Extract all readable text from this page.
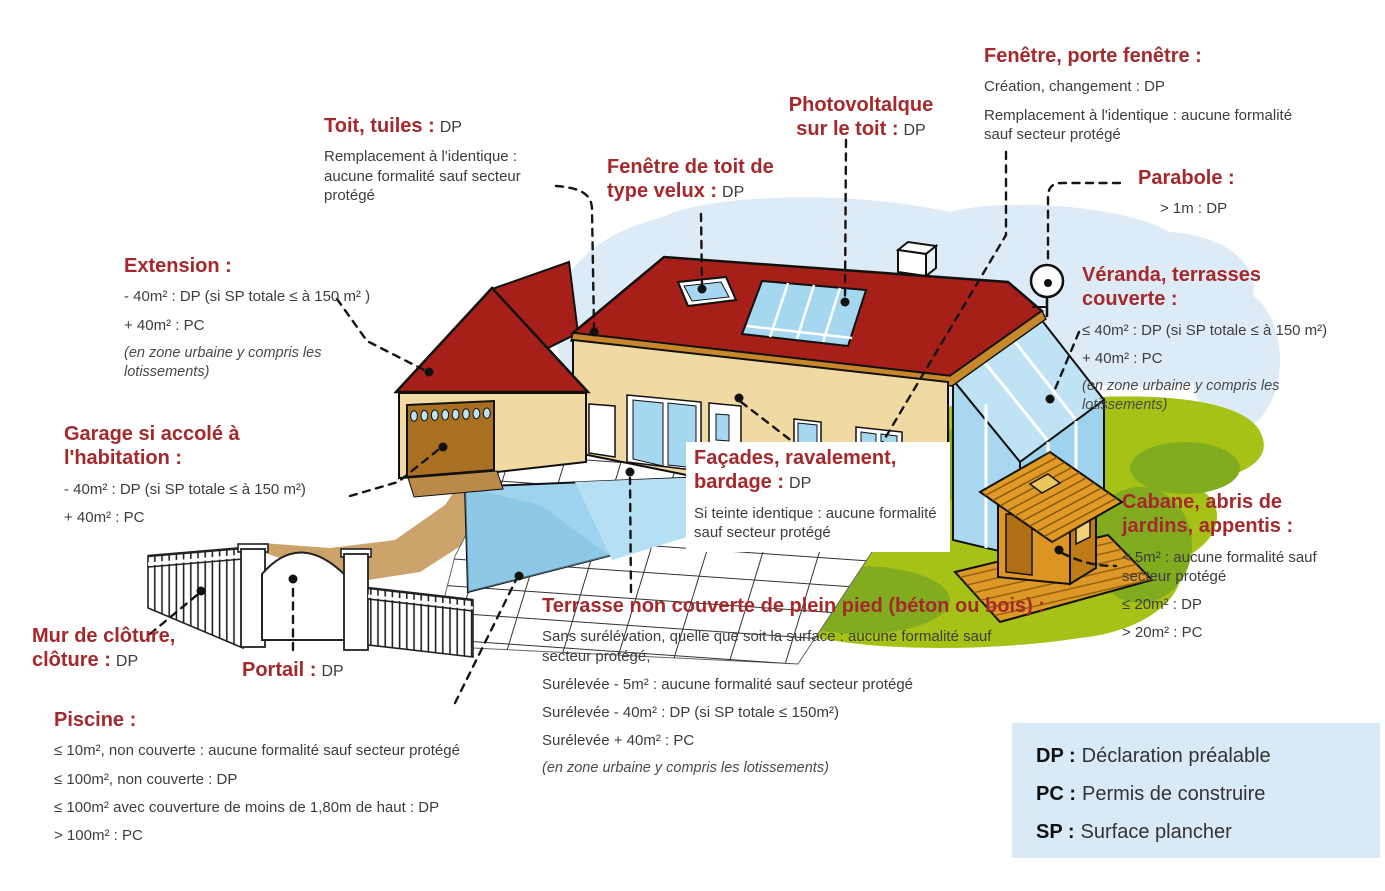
Fenêtre, porte fenêtre :
Création, changement : DP
Remplacement à l'identique : aucune formalité sauf secteur protégé
Photovoltalque
sur le toit : DP
Toit, tuiles : DP
Remplacement à l'identique : aucune formalité sauf secteur protégé
Fenêtre de toit de
type velux : DP
Parabole :
> 1m : DP
Extension :
- 40m² : DP (si SP totale ≤ à 150 m² )
+ 40m² : PC
(en zone urbaine y compris les lotissements)
Véranda, terrasses couverte :
≤ 40m² : DP (si SP totale ≤ à 150 m²)
+ 40m² : PC
(en zone urbaine y compris les lotissements)
Garage si accolé à l'habitation :
- 40m² : DP (si SP totale ≤ à 150 m²)
+ 40m² : PC
Façades, ravalement, bardage : DP
Si teinte identique : aucune formalité sauf secteur protégé
Cabane, abris de jardins, appentis :
< 5m² : aucune formalité sauf secteur protégé
≤ 20m² : DP
> 20m² : PC
Mur de clôture, clôture : DP	Portail : DP
Piscine :
≤ 10m², non couverte : aucune formalité sauf secteur protégé
≤ 100m², non couverte : DP
≤ 100m² avec couverture de moins de 1,80m de haut : DP
> 100m² : PC
Terrasse non couverte de plein pied (béton ou bois) :
Sans surélévation, quelle que soit la surface : aucune formalité sauf secteur protégé,
Surélevée - 5m² : aucune formalité sauf secteur protégé
Surélevée - 40m² : DP (si SP totale ≤ 150m²)
Surélevée + 40m² : PC
(en zone urbaine y compris les lotissements)
DP : Déclaration préalable
PC : Permis de construire
SP : Surface plancher
